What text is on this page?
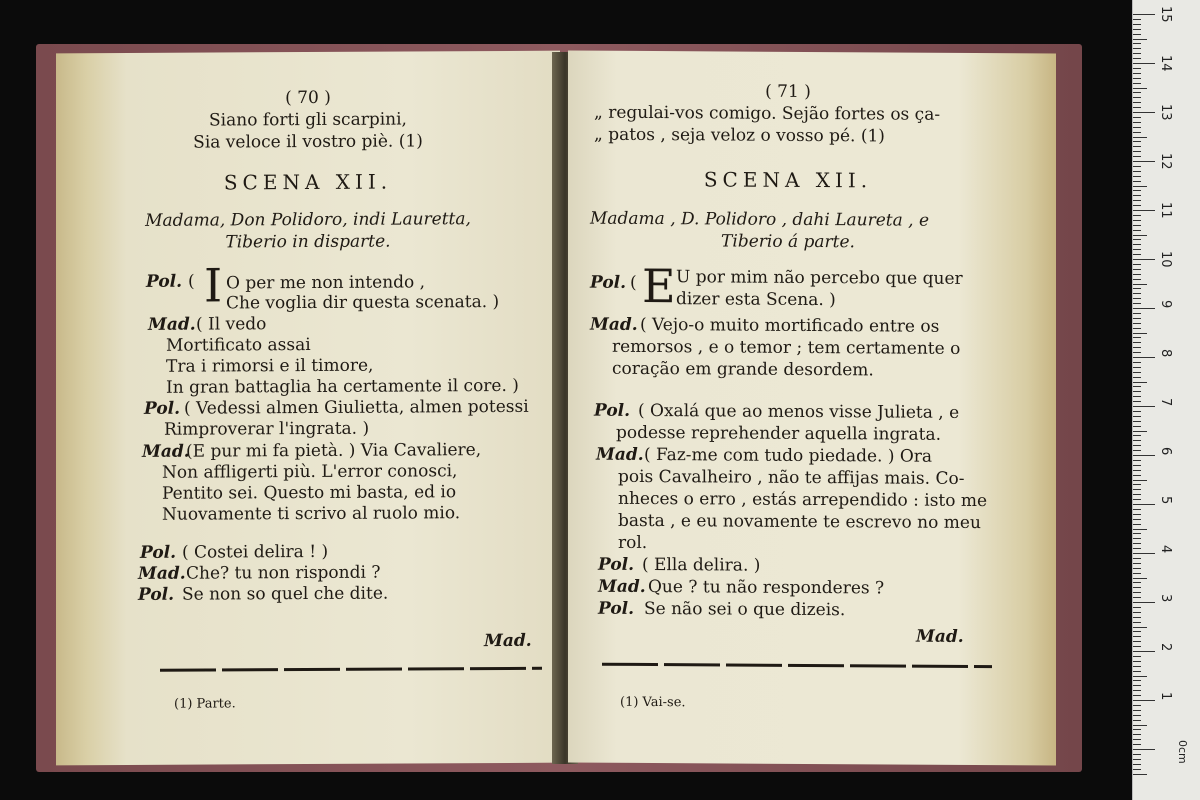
( 70 )
Siano forti gli scarpini,
Sia veloce il vostro piè. (1)
SCENA XII.
Madama, Don Polidoro, indi Lauretta,
Tiberio in disparte.
Pol. ( I O per me non intendo ,
Che voglia dir questa scenata. )
Mad. ( Il vedo
Mortificato assai
Tra i rimorsi e il timore,
In gran battaglia ha certamente il core. )
Pol. ( Vedessi almen Giulietta, almen potessi
Rimproverar l'ingrata. )
Mad.
(E pur mi fa pietà. ) Via Cavaliere,
Non affligerti più. L'error conosci,
Pentito sei. Questo mi basta, ed io
Nuovamente ti scrivo al ruolo mio.
Pol. ( Costei delira ! )
Mad. Che? tu non rispondi ?
Pol. Se non so quel che dite.
Mad.
(1) Parte.
( 71 )
„ regulai-vos comigo. Sejão fortes os ça-
„ patos , seja veloz o vosso pé. (1)
SCENA XII.
Madama , D. Polidoro , dahi Laureta , e
Tiberio á parte.
Pol. ( E U por mim não percebo que quer
dizer esta Scena. )
Mad. ( Vejo-o muito mortificado entre os
remorsos , e o temor ; tem certamente o
coração em grande desordem.
Pol. ( Oxalá que ao menos visse Julieta , e
podesse reprehender aquella ingrata.
Mad. ( Faz-me com tudo piedade. ) Ora
pois Cavalheiro , não te affijas mais. Co-
nheces o erro , estás arrependido : isto me
basta , e eu novamente te escrevo no meu
rol.
Pol. ( Ella delira. )
Mad. Que ? tu não responderes ?
Pol. Se não sei o que dizeis.
Mad.
(1) Vai-se.
0cm
15
14
13
12
11
10
9
8
7
6
5
4
3
2
1
